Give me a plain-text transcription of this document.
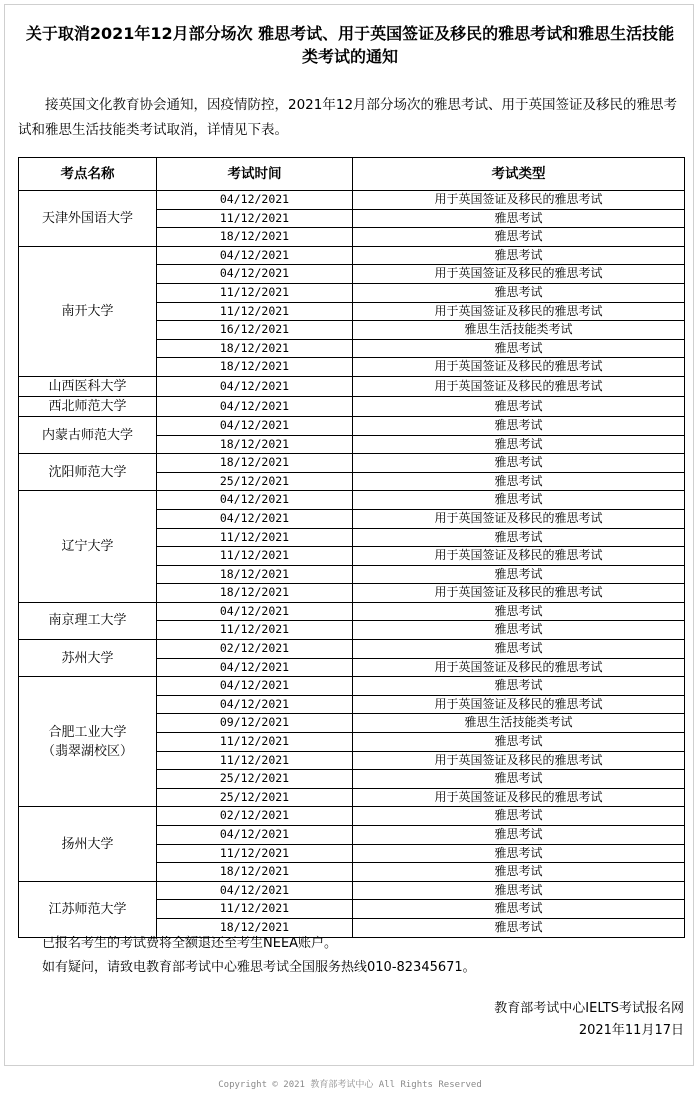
关于取消2021年12月部分场次 雅思考试、用于英国签证及移民的雅思考试和雅思生活技能
类考试的通知

接英国文化教育协会通知，因疫情防控，2021年12月部分场次的雅思考试、用于英国签证及移民的雅思考试和雅思生活技能类考试取消，详情见下表。

考点名称	考试时间	考试类型
天津外国语大学	04/12/2021	用于英国签证及移民的雅思考试
	11/12/2021	雅思考试
	18/12/2021	雅思考试
南开大学	04/12/2021	雅思考试
	04/12/2021	用于英国签证及移民的雅思考试
	11/12/2021	雅思考试
	11/12/2021	用于英国签证及移民的雅思考试
	16/12/2021	雅思生活技能类考试
	18/12/2021	雅思考试
	18/12/2021	用于英国签证及移民的雅思考试
山西医科大学	04/12/2021	用于英国签证及移民的雅思考试
西北师范大学	04/12/2021	雅思考试
内蒙古师范大学	04/12/2021	雅思考试
	18/12/2021	雅思考试
沈阳师范大学	18/12/2021	雅思考试
	25/12/2021	雅思考试
辽宁大学	04/12/2021	雅思考试
	04/12/2021	用于英国签证及移民的雅思考试
	11/12/2021	雅思考试
	11/12/2021	用于英国签证及移民的雅思考试
	18/12/2021	雅思考试
	18/12/2021	用于英国签证及移民的雅思考试
南京理工大学	04/12/2021	雅思考试
	11/12/2021	雅思考试
苏州大学	02/12/2021	雅思考试
	04/12/2021	用于英国签证及移民的雅思考试
合肥工业大学
（翡翠湖校区）	04/12/2021	雅思考试
	04/12/2021	用于英国签证及移民的雅思考试
	09/12/2021	雅思生活技能类考试
	11/12/2021	雅思考试
	11/12/2021	用于英国签证及移民的雅思考试
	25/12/2021	雅思考试
	25/12/2021	用于英国签证及移民的雅思考试
扬州大学	02/12/2021	雅思考试
	04/12/2021	雅思考试
	11/12/2021	雅思考试
	18/12/2021	雅思考试
江苏师范大学	04/12/2021	雅思考试
	11/12/2021	雅思考试
	18/12/2021	雅思考试
已报名考生的考试费将全额退还至考生NEEA账户。
如有疑问，请致电教育部考试中心雅思考试全国服务热线010-82345671。
教育部考试中心IELTS考试报名网
2021年11月17日
Copyright © 2021 教育部考试中心 All Rights Reserved
